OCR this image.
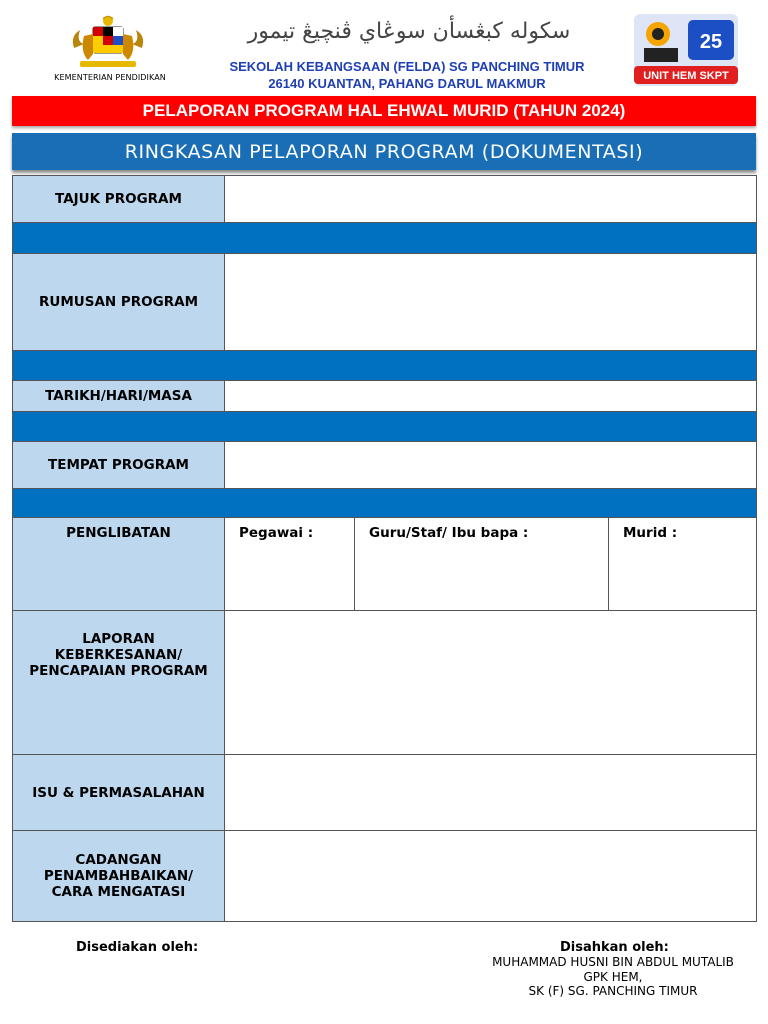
KEMENTERIAN PENDIDIKAN
سکوله کبڠسأن سوڠاي ڤنچيڠ تيمور
SEKOLAH KEBANGSAAN (FELDA) SG PANCHING TIMUR
26140 KUANTAN, PAHANG DARUL MAKMUR	UNIT HEM SKPT
25
PELAPORAN PROGRAM HAL EHWAL MURID (TAHUN 2024)
RINGKASAN PELAPORAN PROGRAM (DOKUMENTASI)
TAJUK PROGRAM
RUMUSAN PROGRAM
TARIKH/HARI/MASA
TEMPAT PROGRAM
PENGLIBATAN	Pegawai :	Guru/Staf/ Ibu bapa :	Murid :
LAPORAN KEBERKESANAN/ PENCAPAIAN PROGRAM
ISU & PERMASALAHAN
CADANGAN PENAMBAHBAIKAN/ CARA MENGATASI
Disediakan oleh:	Disahkan oleh:
MUHAMMAD HUSNI BIN ABDUL MUTALIB
GPK HEM,
SK (F) SG. PANCHING TIMUR
